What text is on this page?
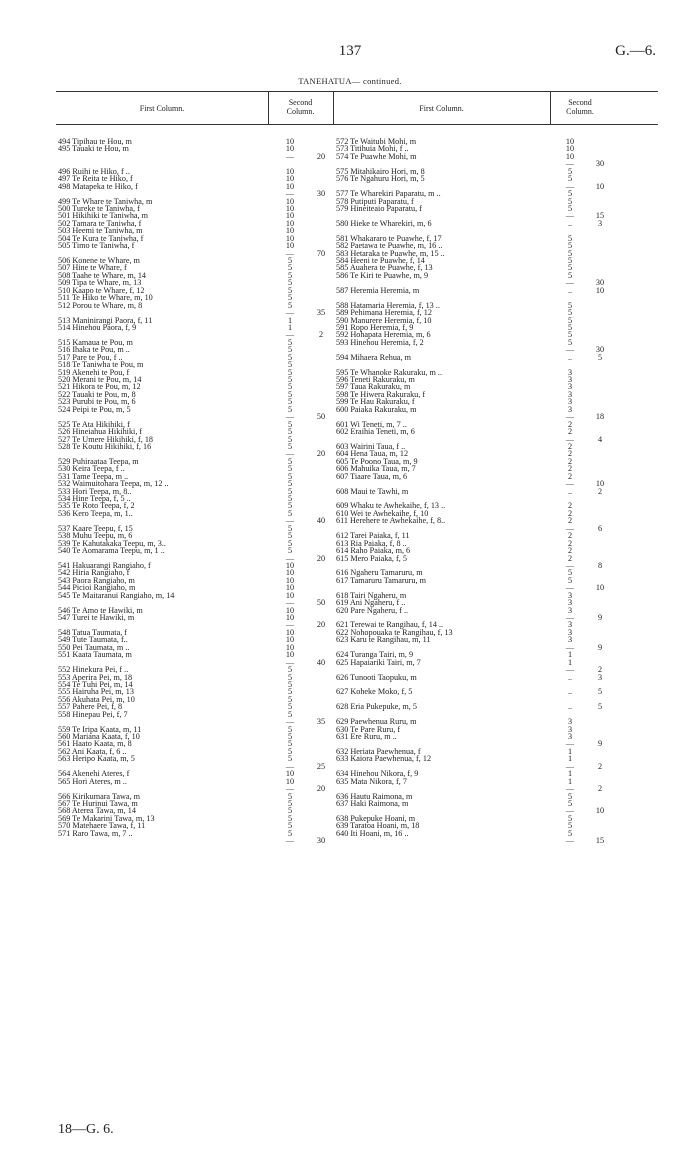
137	G.—6.
TANEHATUA— continued.
First Column.
Second
Column.	First Column.
Second
Column.
494 Tipihau te Hou, m	10
495 Tauaki te Hou, m	10
—	20
496 Ruihi te Hiko, f ..	10
497 Te Reita te Hiko, f	10
498 Matapeka te Hiko, f	10
—	30
499 Te Whare te Taniwha, m	10
500 Tureke te Taniwha, f	10
501 Hikihiki te Taniwha, m	10
502 Tamara te Taniwha, f	10
503 Heemi te Taniwha, m	10
504 Te Kura te Taniwha, f	10
505 Timo te Taniwha, f	10
—	70
506 Konene te Whare, m	5
507 Hine te Whare, f	5
508 Taahe te Whare, m, 14	5
509 Tipa te Whare, m, 13	5
510 Kaapo te Whare, f, 12	5
511 Te Hiko te Whare, m, 10	5
512 Porou te Whare, m, 8	5
—	35
513 Maninirangi Paora, f, 11	1
514 Hinehou Paora, f, 9	1
—	2
515 Kamaua te Pou, m	5
516 Ihaka te Pou, m ..	5
517 Pare te Pou, f ..	5
518 Te Taniwha te Pou, m	5
519 Akenehi te Pou, f	5
520 Merani te Pou, m, 14	5
521 Hikora te Pou, m, 12	5
522 Tauaki te Pou, m, 8	5
523 Purubi te Pou, m, 6	5
524 Peipi te Pou, m, 5	5
—	50
525 Te Ata Hikihiki, f	5
526 Hineiahua Hikihiki, f	5
527 Te Umere Hikihiki, f, 18	5
528 Te Koutu Hikihiki, f, 16	5
—	20
529 Puhiraataa Teepa, m	5
530 Keira Teepa, f ..	5
531 Tame Teepa, m ..	5
532 Waimuitohara Teepa, m, 12 ..	5
533 Hori Teepa, m, 8..	5
534 Hine Teepa, f, 5 ..	5
535 Te Roto Teepa, f, 2	5
536 Kero Teepa, m, 1..	5
—	40
537 Kaare Teepu, f, 15	5
538 Muhu Teepu, m, 6	5
539 Te Kahutakaka Teepu, m, 3..	5
540 Te Aomarama Teepu, m, 1 ..	5
—	20
541 Hakuarangi Rangiaho, f	10
542 Hiria Rangiaho, f	10
543 Paora Rangiaho, m	10
544 Picioi Rangiaho, m	10
545 Te Maitaranui Rangiaho, m, 14	10
—	50
546 Te Amo te Hawiki, m	10
547 Turei te Hawiki, m	10
—	20
548 Tatua Taumata, f	10
549 Tute Taumata, f..	10
550 Pei Taumata, m ..	10
551 Kaata Taumata, m	10
—	40
552 Hinekura Pei, f ..	5
553 Aperira Pei, m, 18	5
554 Te Tuhi Pei, m, 14	5
555 Hairuha Pei, m, 13	5
556 Akuhata Pei, m, 10	5
557 Pahere Pei, f, 8	5
558 Hinepau Pei, f, 7	5
—	35
559 Te Iripa Kaata, m, 11	5
560 Mariana Kaata, f, 10	5
561 Haato Kaata, m, 8	5
562 Ani Kaata, f, 6 ..	5
563 Heripo Kaata, m, 5	5
—	25
564 Akenehi Ateres, f	10
565 Hori Ateres, m ..	10
—	20
566 Kirikumara Tawa, m	5
567 Te Hurinui Tawa, m	5
568 Aterea Tawa, m, 14	5
569 Te Makarini Tawa, m, 13	5
570 Matehaere Tawa, f, 11	5
571 Raro Tawa, m, 7 ..	5
—	30
572 Te Waitubi Mohi, m	10
573 Titihuia Mohi, f ..	10
574 Te Puawhe Mohi, m	10
—	30
575 Mitahikairo Hori, m, 8	5
576 Te Ngahuru Hori, m, 5	5
—	10
577 Te Wharekiri Paparatu, m ..	5
578 Putiputi Paparatu, f	5
579 Hineiteaio Paparatu, f	5
—	15
580 Hieke te Wharekiri, m, 6	..	3
581 Whakararo te Puawhe, f, 17	5
582 Paetawa te Puawhe, m, 16 ..	5
583 Hetaraka te Puawhe, m, 15 ..	5
584 Heeni te Puawhe, f, 14	5
585 Auahera te Puawhe, f, 13	5
586 Te Kiri te Puawhe, m, 9	5
—	30
587 Heremia Heremia, m	..	10
588 Hatamaria Heremia, f, 13 ..	5
589 Pehimana Heremia, f, 12	5
590 Manurere Heremia, f, 10	5
591 Ropo Heremia, f, 9	5
592 Hohapata Heremia, m, 6	5
593 Hinehou Heremia, f, 2	5
—	30
594 Mihaera Rehua, m	..	5
595 Te Whanoke Rakuraku, m ..	3
596 Teneti Rakuraku, m	3
597 Taua Rakuraku, m	3
598 Te Hiwera Rakuraku, f	3
599 Te Hau Rakuraku, f	3
600 Paiaka Rakuraku, m	3
—	18
601 Wi Teneti, m, 7 ..	2
602 Eraihia Teneti, m, 6	2
—	4
603 Wairini Taua, f ..	2
604 Hena Taua, m, 12	2
605 Te Poono Taua, m, 9	2
606 Mahuika Taua, m, 7	2
607 Tiaare Taua, m, 6	2
—	10
608 Maui te Tawhi, m	..	2
609 Whaku te Awhekaihe, f, 13 ..	2
610 Wei te Awhekaihe, f, 10	2
611 Herehere te Awhekaihe, f, 8..	2
—	6
612 Tarei Paiaka, f, 11	2
613 Ria Paiaka, f, 8 ..	2
614 Raho Paiaka, m, 6	2
615 Mero Paiaka, f, 5	2
—	8
616 Ngaheru Tamaruru, m	5
617 Tamaruru Tamaruru, m	5
—	10
618 Tairi Ngaheru, m	3
619 Ani Ngaheru, f ..	3
620 Pare Ngaheru, f ..	3
—	9
621 Terewai te Rangihau, f, 14 ..	3
622 Nohopouaka te Rangihau, f, 13	3
623 Karu te Rangihau, m, 11	3
—	9
624 Turanga Tairi, m, 9	1
625 Hapaiariki Tairi, m, 7	1
—	2
626 Tunooti Taopuku, m	..	3
627 Koheke Moko, f, 5	..	5
628 Eria Pukepuke, m, 5	..	5
629 Paewhenua Ruru, m	3
630 Te Pare Ruru, f	3
631 Ere Ruru, m ..	3
—	9
632 Heriata Paewhenua, f	1
633 Kaiora Paewhenua, f, 12	1
—	2
634 Hinehou Nikora, f, 9	1
635 Mata Nikora, f, 7	1
—	2
636 Hautu Raimona, m	5
637 Haki Raimona, m	5
—	10
638 Pukepuke Hoani, m	5
639 Taratoa Hoani, m, 18	5
640 Iti Hoani, m, 16 ..	5
—	15
18—G. 6.
